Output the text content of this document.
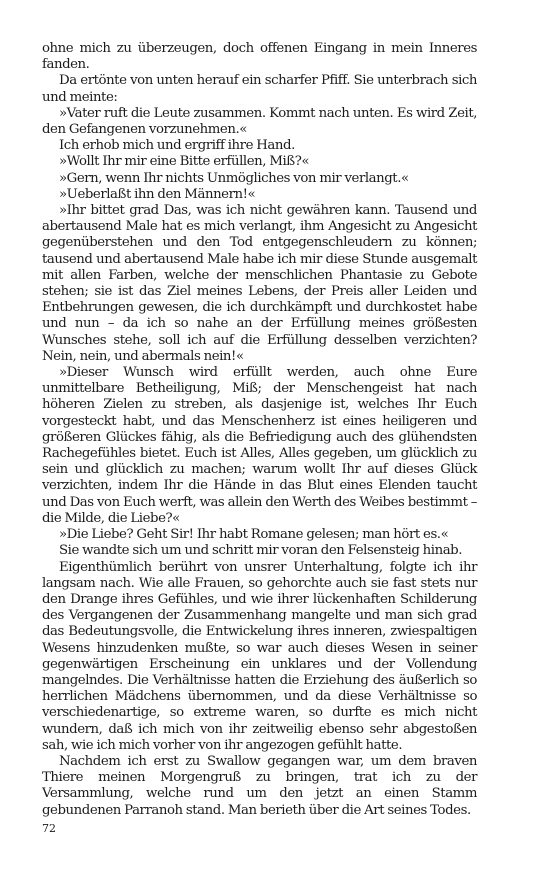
ohne mich zu überzeugen, doch offenen Eingang in mein Inneres fanden.

Da ertönte von unten herauf ein scharfer Pfiff. Sie unterbrach sich und meinte:

»Vater ruft die Leute zusammen. Kommt nach unten. Es wird Zeit, den Gefangenen vorzunehmen.«

Ich erhob mich und ergriff ihre Hand.

»Wollt Ihr mir eine Bitte erfüllen, Miß?«

»Gern, wenn Ihr nichts Unmögliches von mir verlangt.«

»Ueberlaßt ihn den Männern!«

»Ihr bittet grad Das, was ich nicht gewähren kann. Tausend und abertausend Male hat es mich verlangt, ihm Angesicht zu Angesicht gegenüberstehen und den Tod entgegenschleudern zu können; tausend und abertausend Male habe ich mir diese Stunde ausgemalt mit allen Farben, welche der menschlichen Phantasie zu Gebote stehen; sie ist das Ziel meines Lebens, der Preis aller Leiden und Entbehrungen gewesen, die ich durchkämpft und durchkostet habe und nun – da ich so nahe an der Erfüllung meines größesten Wunsches stehe, soll ich auf die Erfüllung desselben verzichten? Nein, nein, und abermals nein!«

»Dieser Wunsch wird erfüllt werden, auch ohne Eure unmittelbare Betheiligung, Miß; der Menschengeist hat nach höheren Zielen zu streben, als dasjenige ist, welches Ihr Euch vorgesteckt habt, und das Menschenherz ist eines heiligeren und größeren Glückes fähig, als die Befriedigung auch des glühendsten Rachegefühles bietet. Euch ist Alles, Alles gegeben, um glücklich zu sein und glücklich zu machen; warum wollt Ihr auf dieses Glück verzichten, indem Ihr die Hände in das Blut eines Elenden taucht und Das von Euch werft, was allein den Werth des Weibes bestimmt – die Milde, die Liebe?«

»Die Liebe? Geht Sir! Ihr habt Romane gelesen; man hört es.«

Sie wandte sich um und schritt mir voran den Felsensteig hinab.

Eigenthümlich berührt von unsrer Unterhaltung, folgte ich ihr langsam nach. Wie alle Frauen, so gehorchte auch sie fast stets nur den Drange ihres Gefühles, und wie ihrer lückenhaften Schilderung des Vergangenen der Zusammenhang mangelte und man sich grad das Bedeutungsvolle, die Entwickelung ihres inneren, zwiespaltigen Wesens hinzudenken mußte, so war auch dieses Wesen in seiner gegenwärtigen Erscheinung ein unklares und der Vollendung mangelndes. Die Verhältnisse hatten die Erziehung des äußerlich so herrlichen Mädchens übernommen, und da diese Verhältnisse so verschiedenartige, so extreme waren, so durfte es mich nicht wundern, daß ich mich von ihr zeitweilig ebenso sehr abgestoßen sah, wie ich mich vorher von ihr angezogen gefühlt hatte.

Nachdem ich erst zu Swallow gegangen war, um dem braven Thiere meinen Morgengruß zu bringen, trat ich zu der Versammlung, welche rund um den jetzt an einen Stamm gebundenen Parranoh stand. Man berieth über die Art seines Todes.

72
